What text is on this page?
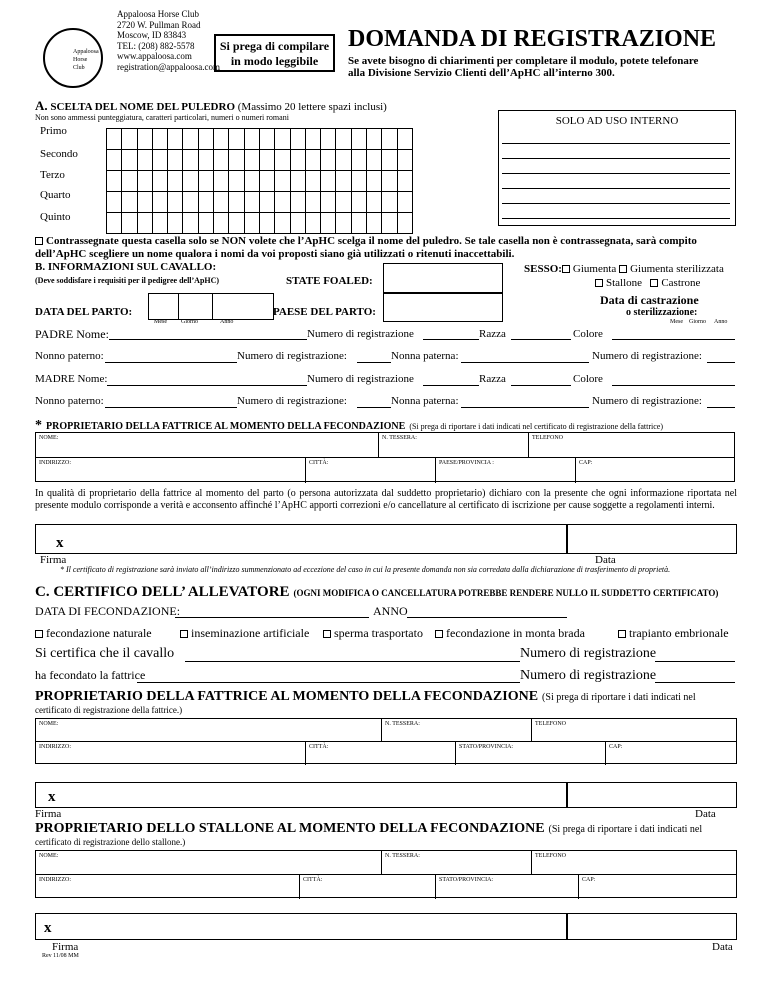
Appaloosa Horse Club
Appaloosa Horse Club
2720 W. Pullman Road
Moscow, ID 83843
TEL: (208) 882-5578
www.appaloosa.com
registration@appaloosa.com
Si prega di compilare in modo leggibile
DOMANDA DI REGISTRAZIONE
Se avete bisogno di chiarimenti per completare il modulo, potete telefonare alla Divisione Servizio Clienti dell’ApHC all’interno 300.
A. SCELTA DEL NOME DEL PULEDRO (Massimo 20 lettere spazi inclusi)
Non sono ammessi punteggiatura, caratteri particolari, numeri o numeri romani
Primo
Secondo
Terzo
Quarto
Quinto

SOLO AD USO INTERNO
Contrassegnate questa casella solo se NON volete che l’ApHC scelga il nome del puledro. Se tale casella non è contrassegnata, sarà compito dell’ApHC scegliere un nome qualora i nomi da voi proposti siano già utilizzati o ritenuti inaccettabili.
B. INFORMAZIONI SUL CAVALLO:
(Deve soddisfare i requisiti per il pedigree dell’ApHC)	STATE FOALED:
SESSO: Giumenta Giumenta sterilizzata
Stallone Castrone
Data di castrazione
o sterilizzazione:
DATA DEL PARTO:
Mese Giorno	Anno
PAESE DEL PARTO:
Mese Giorno Anno
PADRE Nome:	Numero di registrazione	Razza	Colore
Nonno paterno:	Numero di registrazione:	Nonna paterna:	Numero di registrazione:
MADRE Nome:	Numero di registrazione	Razza	Colore
Nonno paterno:	Numero di registrazione:	Nonna paterna:	Numero di registrazione:
* PROPRIETARIO DELLA FATTRICE AL MOMENTO DELLA FECONDAZIONE (Si prega di riportare i dati indicati nel certificato di registrazione della fattrice)
NOME:	N. TESSERA:	TELEFONO
INDIRIZZO:	CITTÀ:	PAESE/PROVINCIA :	CAP:
In qualità di proprietario della fattrice al momento del parto (o persona autorizzata dal suddetto proprietario) dichiaro con la presente che ogni informazione riportata nel presente modulo corrisponde a verità e acconsento affinché l’ApHC apporti correzioni e/o cancellature al certificato di iscrizione per cause soggette a regolamenti interni.
x
Firma	Data
* Il certificato di registrazione sarà inviato all’indirizzo summenzionato ad eccezione del caso in cui la presente domanda non sia corredata dalla dichiarazione di trasferimento di proprietà.
C. CERTIFICO DELL’ ALLEVATORE (OGNI MODIFICA O CANCELLATURA POTREBBE RENDERE NULLO IL SUDDETTO CERTIFICATO)
DATA DI FECONDAZIONE:	ANNO
fecondazione naturale	inseminazione artificiale	sperma trasportato	fecondazione in monta brada	trapianto embrionale
Si certifica che il cavallo	Numero di registrazione
ha fecondato la fattrice	Numero di registrazione
PROPRIETARIO DELLA FATTRICE AL MOMENTO DELLA FECONDAZIONE (Si prega di riportare i dati indicati nel
certificato di registrazione della fattrice.)
NOME:	N. TESSERA:	TELEFONO
INDIRIZZO:	CITTÀ:	STATO/PROVINCIA:	CAP:
x
Firma	Data
PROPRIETARIO DELLO STALLONE AL MOMENTO DELLA FECONDAZIONE (Si prega di riportare i dati indicati nel
certificato di registrazione dello stallone.)
NOME:	N. TESSERA:	TELEFONO
INDIRIZZO:	CITTÀ:	STATO/PROVINCIA:	CAP:
x
Firma	Data
Rev 11/08 MM
